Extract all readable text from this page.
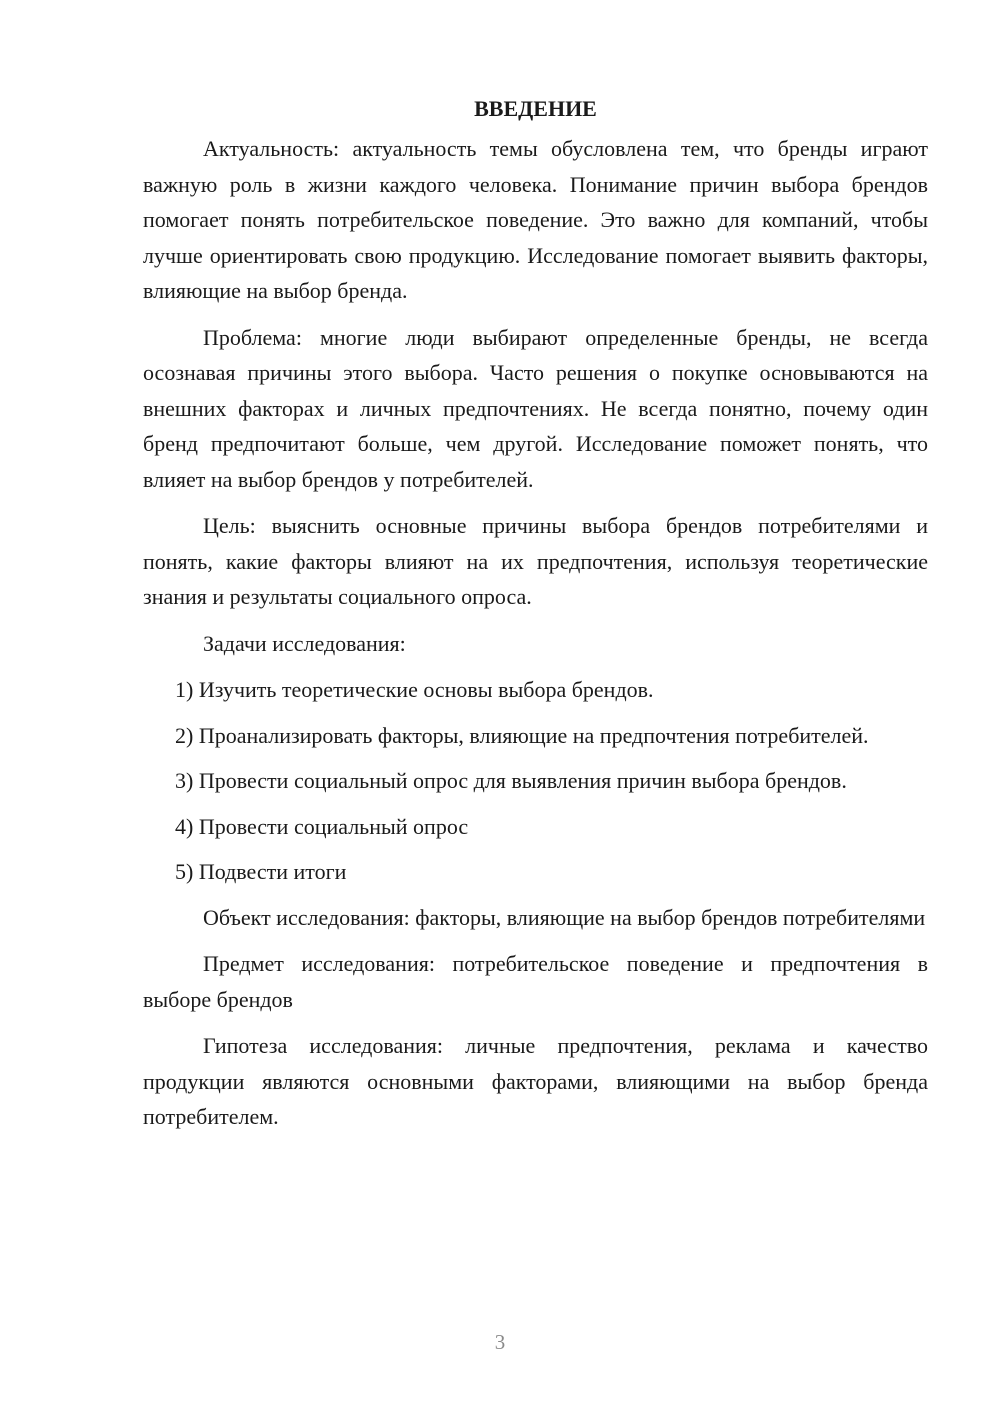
ВВЕДЕНИЕ

Актуальность: актуальность темы обусловлена тем, что бренды играют важную роль в жизни каждого человека. Понимание причин выбора брендов помогает понять потребительское поведение. Это важно для компаний, чтобы лучше ориентировать свою продукцию. Исследование помогает выявить факторы, влияющие на выбор бренда.

Проблема: многие люди выбирают определенные бренды, не всегда осознавая причины этого выбора. Часто решения о покупке основываются на внешних факторах и личных предпочтениях. Не всегда понятно, почему один бренд предпочитают больше, чем другой. Исследование поможет понять, что влияет на выбор брендов у потребителей.

Цель: выяснить основные причины выбора брендов потребителями и понять, какие факторы влияют на их предпочтения, используя теоретические знания и результаты социального опроса.

Задачи исследования:

1) Изучить теоретические основы выбора брендов.

2) Проанализировать факторы, влияющие на предпочтения потребителей.

3) Провести социальный опрос для выявления причин выбора брендов.

4) Провести социальный опрос

5) Подвести итоги

Объект исследования: факторы, влияющие на выбор брендов потребителями

Предмет исследования: потребительское поведение и предпочтения в выборе брендов

Гипотеза исследования: личные предпочтения, реклама и качество продукции являются основными факторами, влияющими на выбор бренда потребителем.

3
